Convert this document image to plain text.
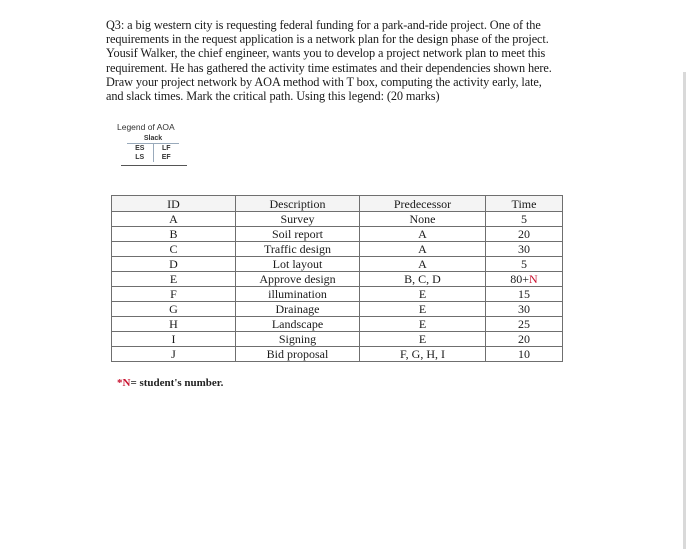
Q3: a big western city is requesting federal funding for a park-and-ride project. One of the
requirements in the request application is a network plan for the design phase of the project.
Yousif Walker, the chief engineer, wants you to develop a project network plan to meet this
requirement. He has gathered the activity time estimates and their dependencies shown here.
Draw your project network by AOA method with T box, computing the activity early, late,
and slack times. Mark the critical path. Using this legend: (20 marks)
Legend of AOA
Slack
ES	LF
LS	EF
ID	Description	Predecessor	Time
A	Survey	None	5
B	Soil report	A	20
C	Traffic design	A	30
D	Lot layout	A	5
E	Approve design	B, C, D	80+N
F	illumination	E	15
G	Drainage	E	30
H	Landscape	E	25
I	Signing	E	20
J	Bid proposal	F, G, H, I	10
*N= student's number.
